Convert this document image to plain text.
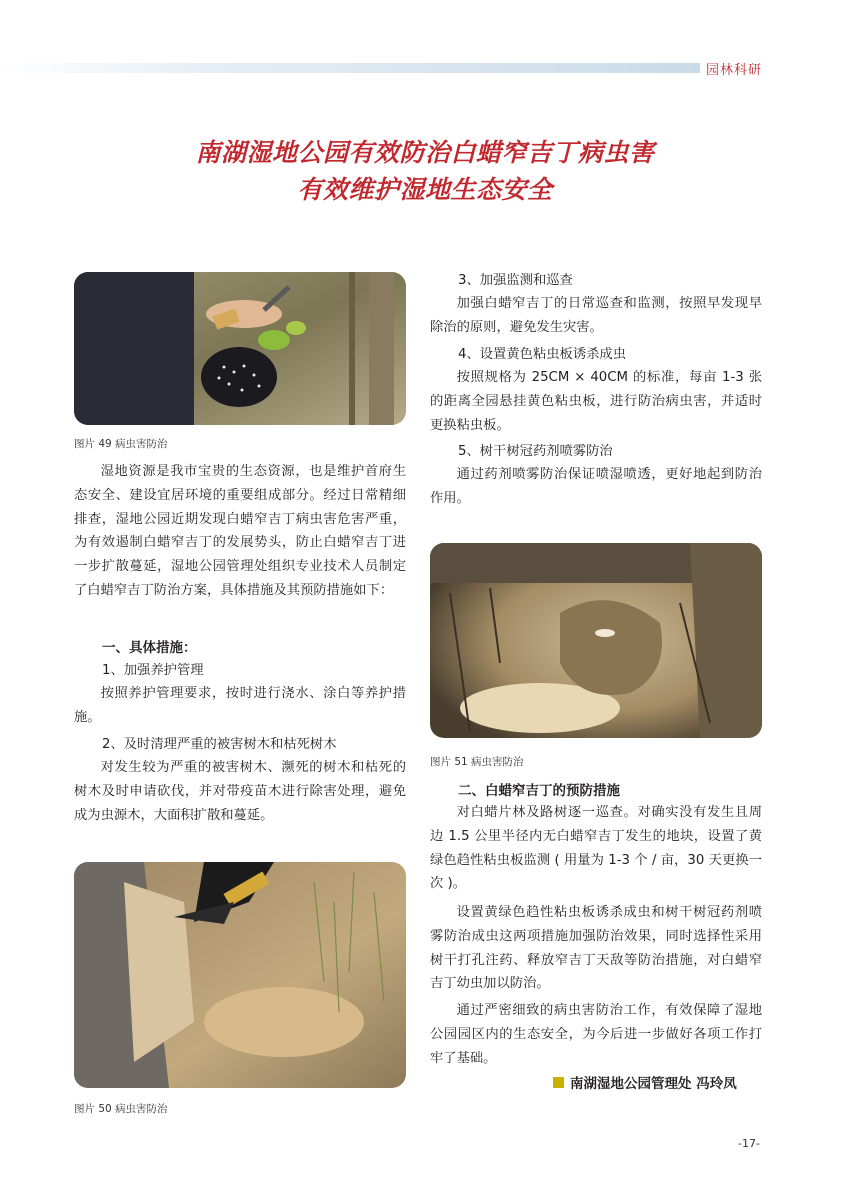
园林科研
南湖湿地公园有效防治白蜡窄吉丁病虫害
有效维护湿地生态安全
图片 49 病虫害防治

湿地资源是我市宝贵的生态资源，也是维护首府生态安全、建设宜居环境的重要组成部分。经过日常精细排查，湿地公园近期发现白蜡窄吉丁病虫害危害严重，为有效遏制白蜡窄吉丁的发展势头，防止白蜡窄吉丁进一步扩散蔓延，湿地公园管理处组织专业技术人员制定了白蜡窄吉丁防治方案，具体措施及其预防措施如下：

一、具体措施：
1、加强养护管理

按照养护管理要求，按时进行浇水、涂白等养护措施。

2、及时清理严重的被害树木和枯死树木

对发生较为严重的被害树木、濒死的树木和枯死的树木及时申请砍伐，并对带疫苗木进行除害处理，避免成为虫源木，大面积扩散和蔓延。

图片 50 病虫害防治
3、加强监测和巡查

加强白蜡窄吉丁的日常巡查和监测，按照早发现早除治的原则，避免发生灾害。

4、设置黄色粘虫板诱杀成虫

按照规格为 25CM × 40CM 的标准，每亩 1-3 张的距离全园悬挂黄色粘虫板，进行防治病虫害，并适时更换粘虫板。

5、树干树冠药剂喷雾防治

通过药剂喷雾防治保证喷湿喷透，更好地起到防治作用。

图片 51 病虫害防治
二、白蜡窄吉丁的预防措施

对白蜡片林及路树逐一巡查。对确实没有发生且周边 1.5 公里半径内无白蜡窄吉丁发生的地块，设置了黄绿色趋性粘虫板监测 ( 用量为 1-3 个 / 亩，30 天更换一次 )。

设置黄绿色趋性粘虫板诱杀成虫和树干树冠药剂喷雾防治成虫这两项措施加强防治效果，同时选择性采用树干打孔注药、释放窄吉丁天敌等防治措施，对白蜡窄吉丁幼虫加以防治。

通过严密细致的病虫害防治工作，有效保障了湿地公园园区内的生态安全，为今后进一步做好各项工作打牢了基础。

南湖湿地公园管理处 冯玲凤
-17-
